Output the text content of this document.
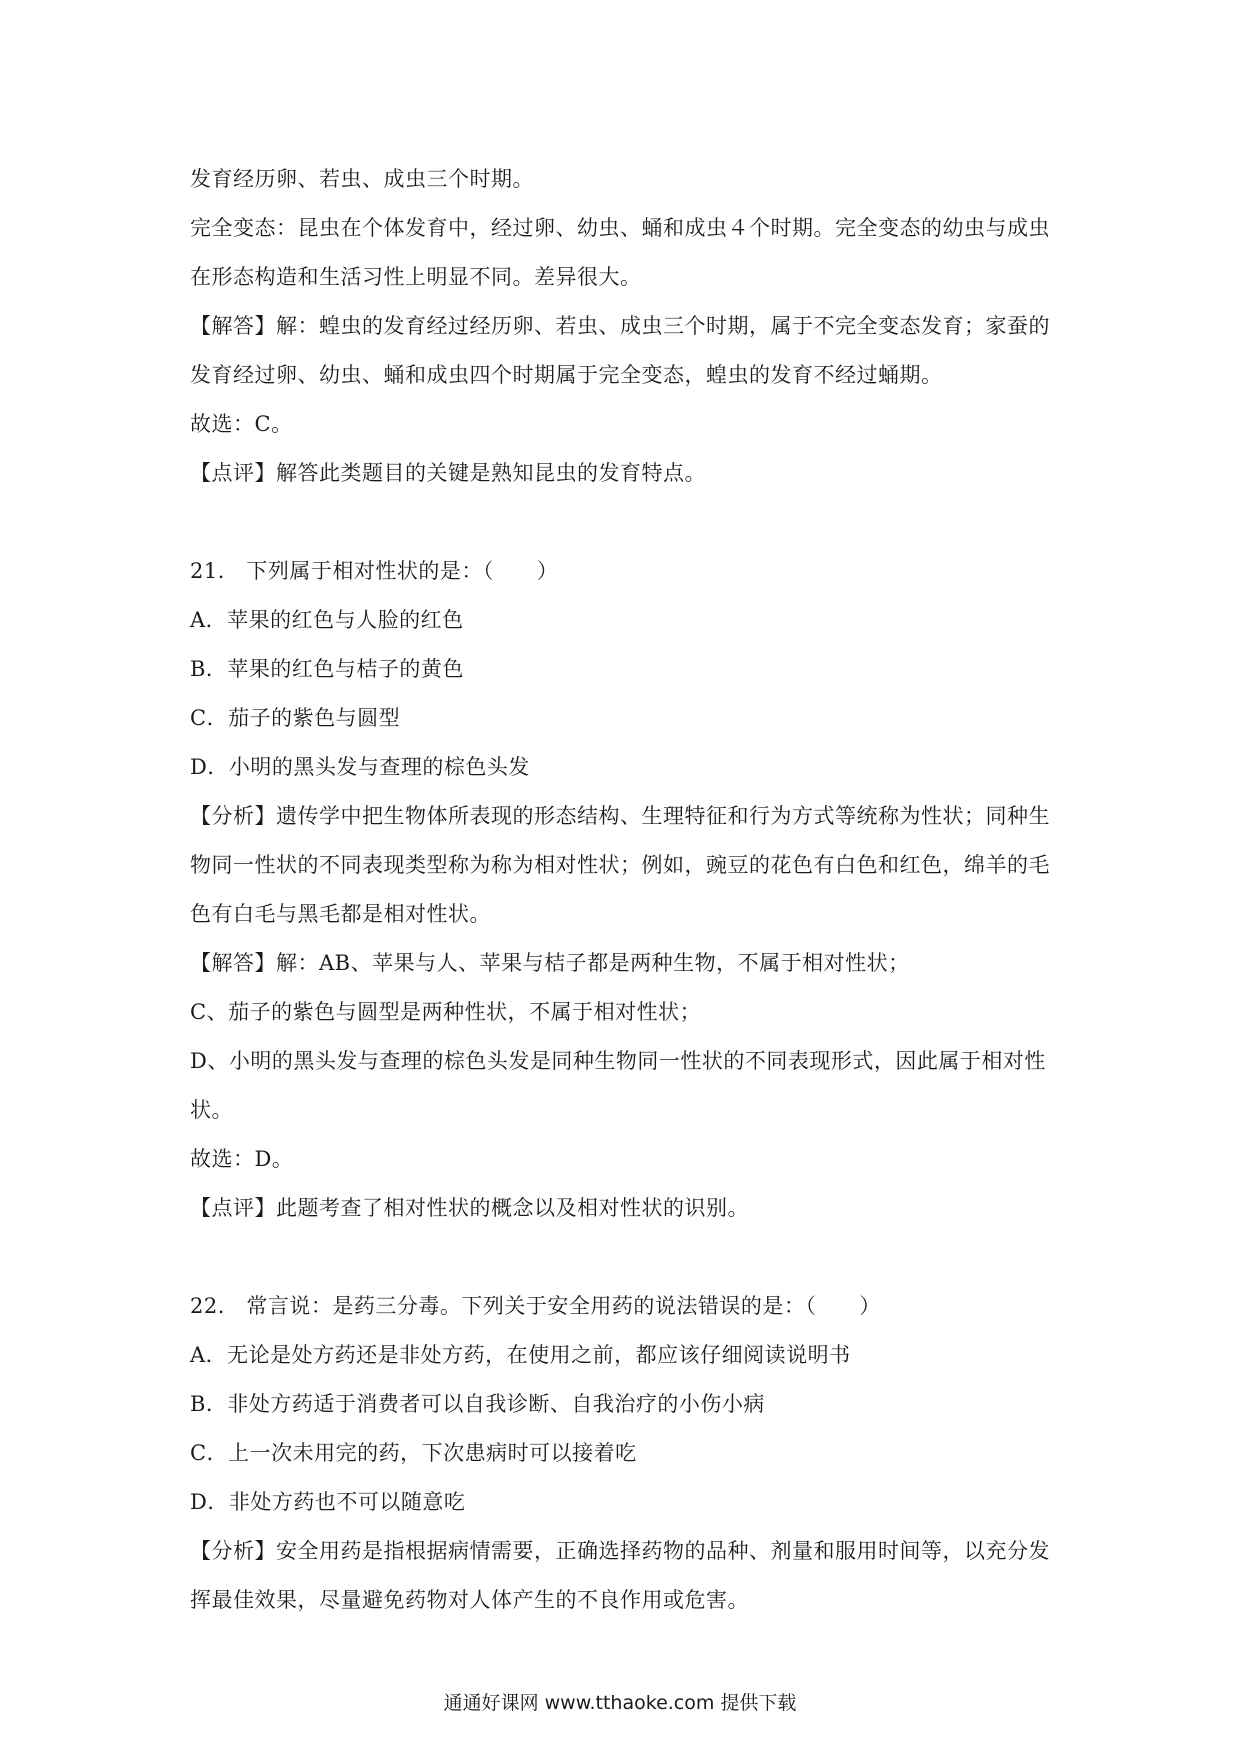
发育经历卵、若虫、成虫三个时期。
完全变态：昆虫在个体发育中，经过卵、幼虫、蛹和成虫４个时期。完全变态的幼虫与成虫
在形态构造和生活习性上明显不同。差异很大。
【解答】解：蝗虫的发育经过经历卵、若虫、成虫三个时期，属于不完全变态发育；家蚕的
发育经过卵、幼虫、蛹和成虫四个时期属于完全变态，蝗虫的发育不经过蛹期。
故选：C。
【点评】解答此类题目的关键是熟知昆虫的发育特点。
21.　下列属于相对性状的是：（　　）
A．苹果的红色与人脸的红色
B．苹果的红色与桔子的黄色
C．茄子的紫色与圆型
D．小明的黑头发与查理的棕色头发
【分析】遗传学中把生物体所表现的形态结构、生理特征和行为方式等统称为性状；同种生
物同一性状的不同表现类型称为称为相对性状；例如，豌豆的花色有白色和红色，绵羊的毛
色有白毛与黑毛都是相对性状。
【解答】解：AB、苹果与人、苹果与桔子都是两种生物，不属于相对性状；
C、茄子的紫色与圆型是两种性状，不属于相对性状；
D、小明的黑头发与查理的棕色头发是同种生物同一性状的不同表现形式，因此属于相对性
状。
故选：D。
【点评】此题考查了相对性状的概念以及相对性状的识别。
22.　常言说：是药三分毒。下列关于安全用药的说法错误的是：（　　）
A．无论是处方药还是非处方药，在使用之前，都应该仔细阅读说明书
B．非处方药适于消费者可以自我诊断、自我治疗的小伤小病
C．上一次未用完的药，下次患病时可以接着吃
D．非处方药也不可以随意吃
【分析】安全用药是指根据病情需要，正确选择药物的品种、剂量和服用时间等，以充分发
挥最佳效果，尽量避免药物对人体产生的不良作用或危害。
通通好课网 www.tthaoke.com 提供下载
